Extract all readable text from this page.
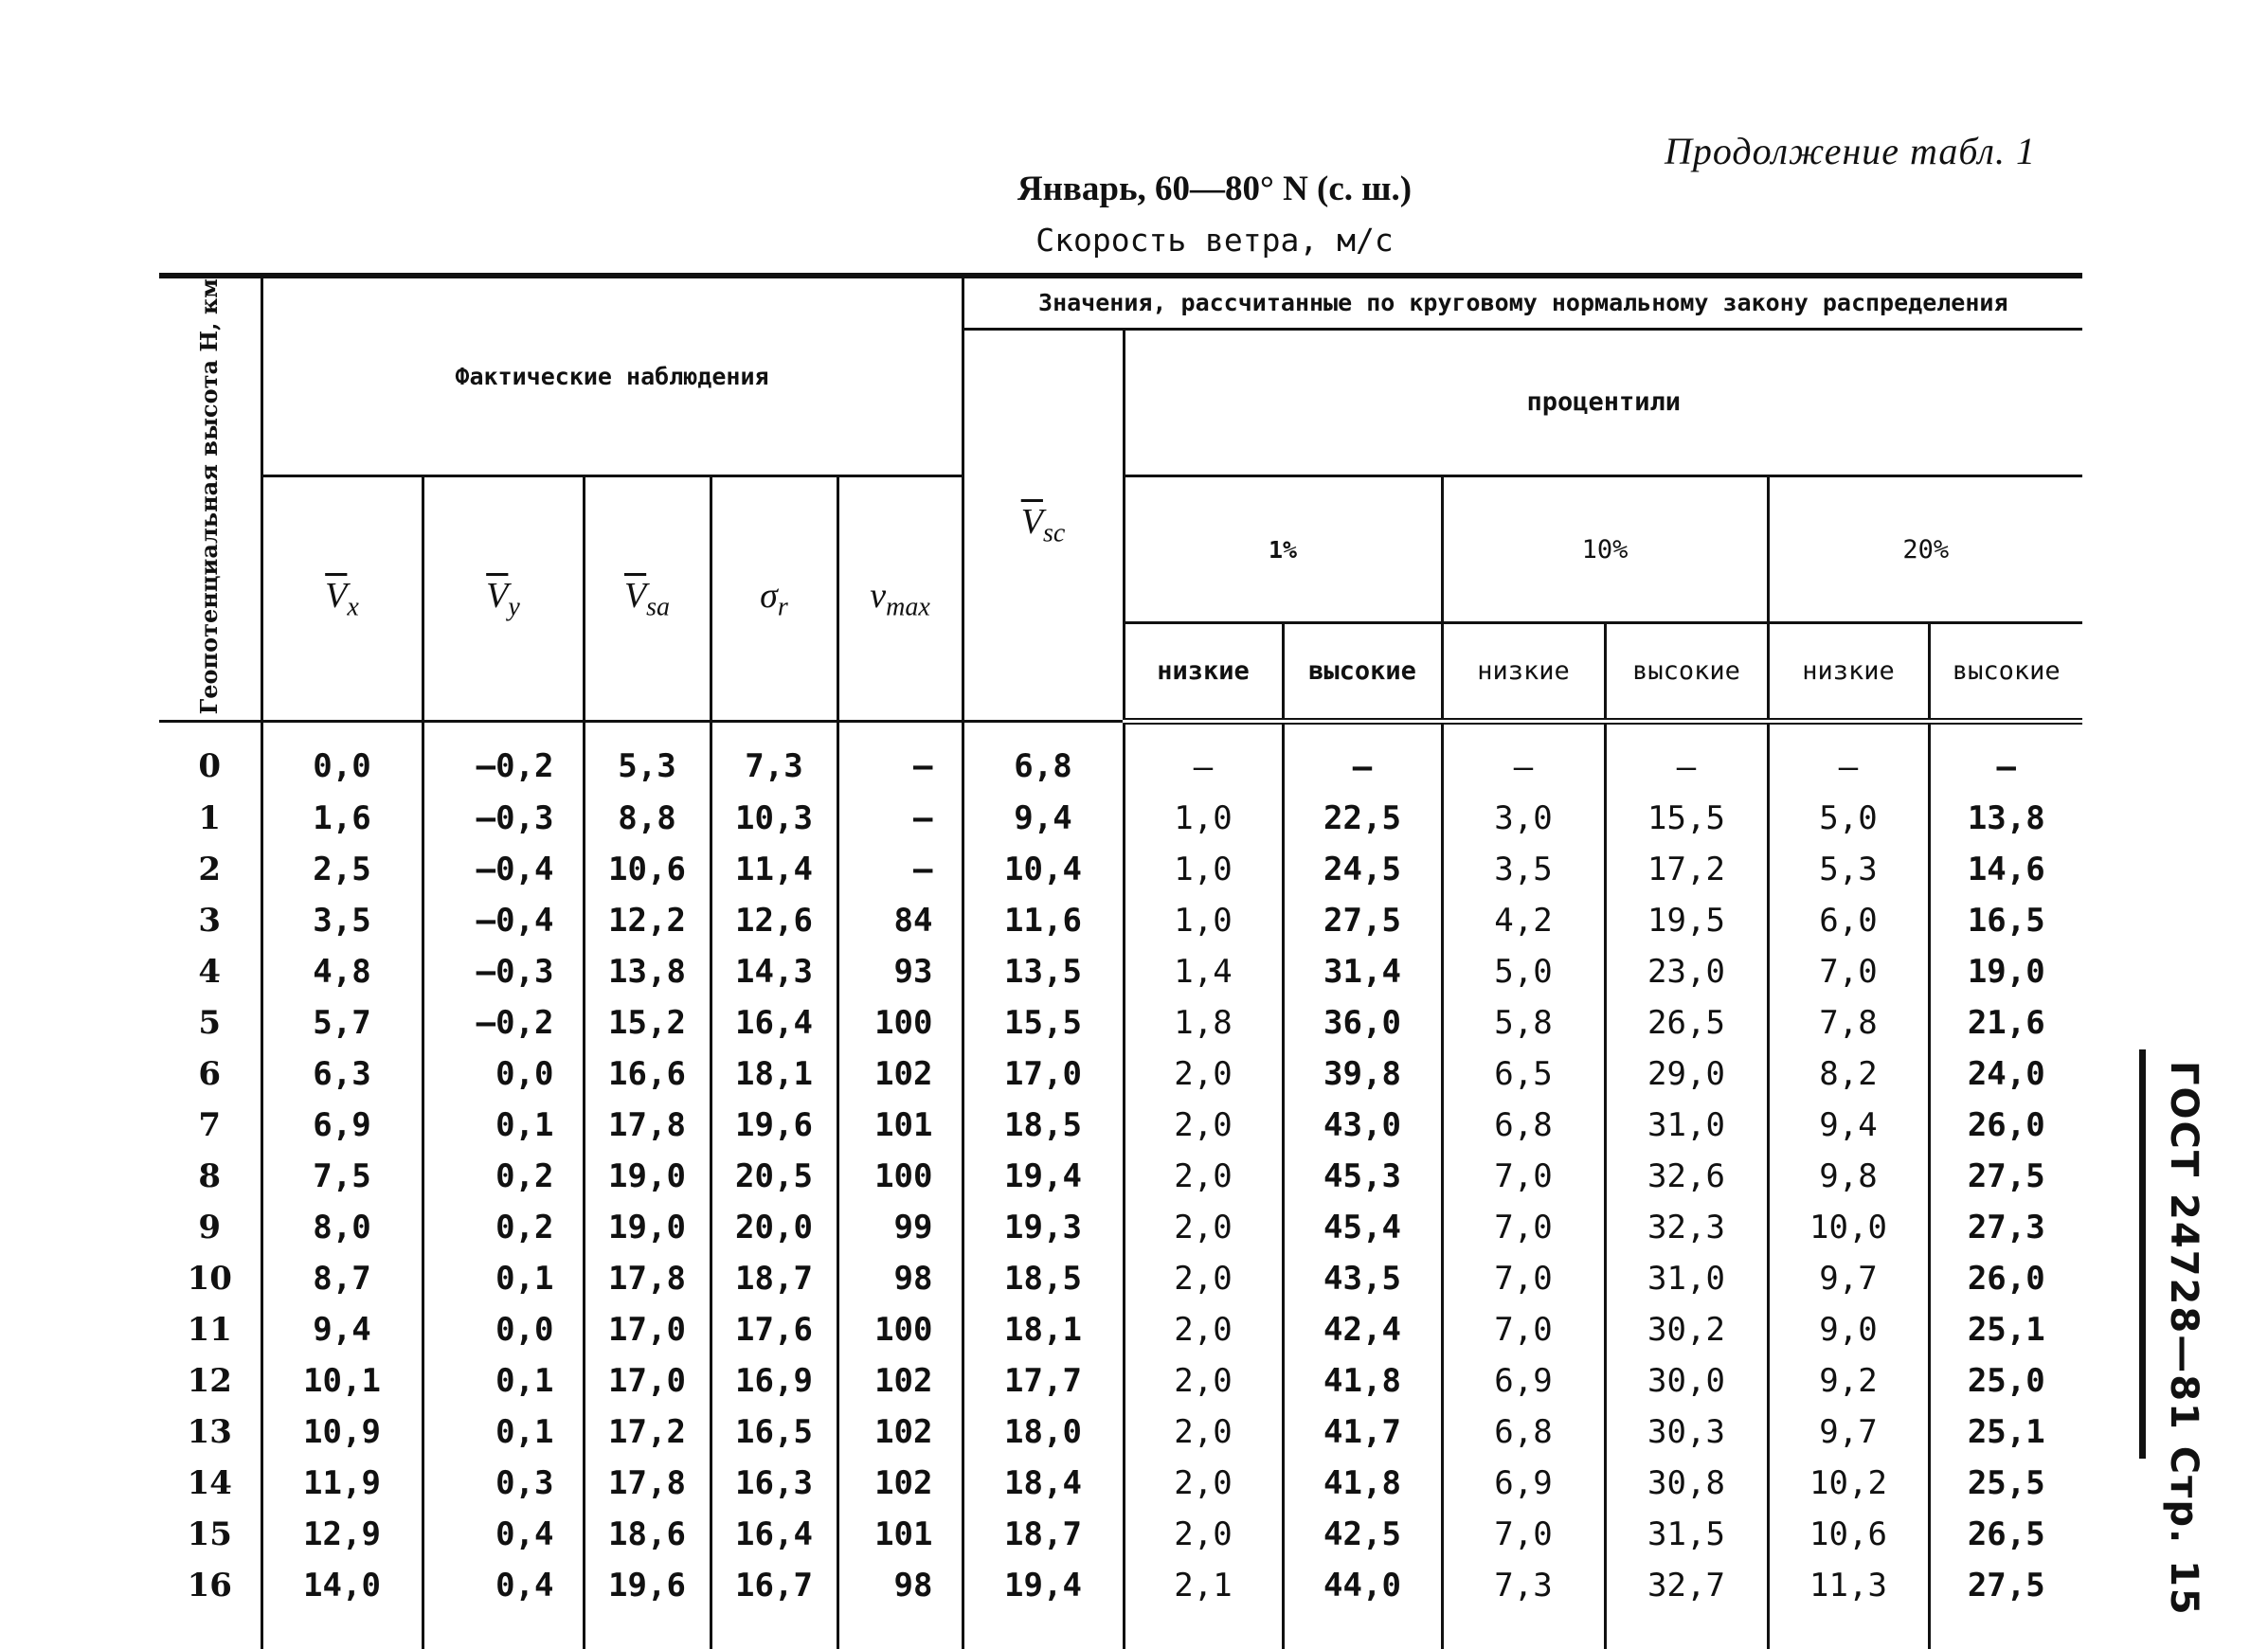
Продолжение табл. 1
Январь, 60—80° N (с. ш.)
Скорость ветра, м/с
ГОСТ 24728—81 Стр. 15
Геопотенциальная высота H, км	Фактические наблюдения					Значения, рассчитанные по круговому нормальному закону распределения						
						$\overline{V}_{sc}$	процентили					
	$\overline{V}_x$	$\overline{V}_y$	$\overline{V}_{sa}$	$\sigma_r$	$v_{max}$		1%		10%		20%	
							низкие	высокие	низкие	высокие	низкие	высокие
0	0,0	—0,2	5,3	7,3	—	6,8	—	—	—	—	—	—
1	1,6	—0,3	8,8	10,3	—	9,4	1,0	22,5	3,0	15,5	5,0	13,8
2	2,5	—0,4	10,6	11,4	—	10,4	1,0	24,5	3,5	17,2	5,3	14,6
3	3,5	—0,4	12,2	12,6	84	11,6	1,0	27,5	4,2	19,5	6,0	16,5
4	4,8	—0,3	13,8	14,3	93	13,5	1,4	31,4	5,0	23,0	7,0	19,0
5	5,7	—0,2	15,2	16,4	100	15,5	1,8	36,0	5,8	26,5	7,8	21,6
6	6,3	0,0	16,6	18,1	102	17,0	2,0	39,8	6,5	29,0	8,2	24,0
7	6,9	0,1	17,8	19,6	101	18,5	2,0	43,0	6,8	31,0	9,4	26,0
8	7,5	0,2	19,0	20,5	100	19,4	2,0	45,3	7,0	32,6	9,8	27,5
9	8,0	0,2	19,0	20,0	99	19,3	2,0	45,4	7,0	32,3	10,0	27,3
10	8,7	0,1	17,8	18,7	98	18,5	2,0	43,5	7,0	31,0	9,7	26,0
11	9,4	0,0	17,0	17,6	100	18,1	2,0	42,4	7,0	30,2	9,0	25,1
12	10,1	0,1	17,0	16,9	102	17,7	2,0	41,8	6,9	30,0	9,2	25,0
13	10,9	0,1	17,2	16,5	102	18,0	2,0	41,7	6,8	30,3	9,7	25,1
14	11,9	0,3	17,8	16,3	102	18,4	2,0	41,8	6,9	30,8	10,2	25,5
15	12,9	0,4	18,6	16,4	101	18,7	2,0	42,5	7,0	31,5	10,6	26,5
16	14,0	0,4	19,6	16,7	98	19,4	2,1	44,0	7,3	32,7	11,3	27,5
